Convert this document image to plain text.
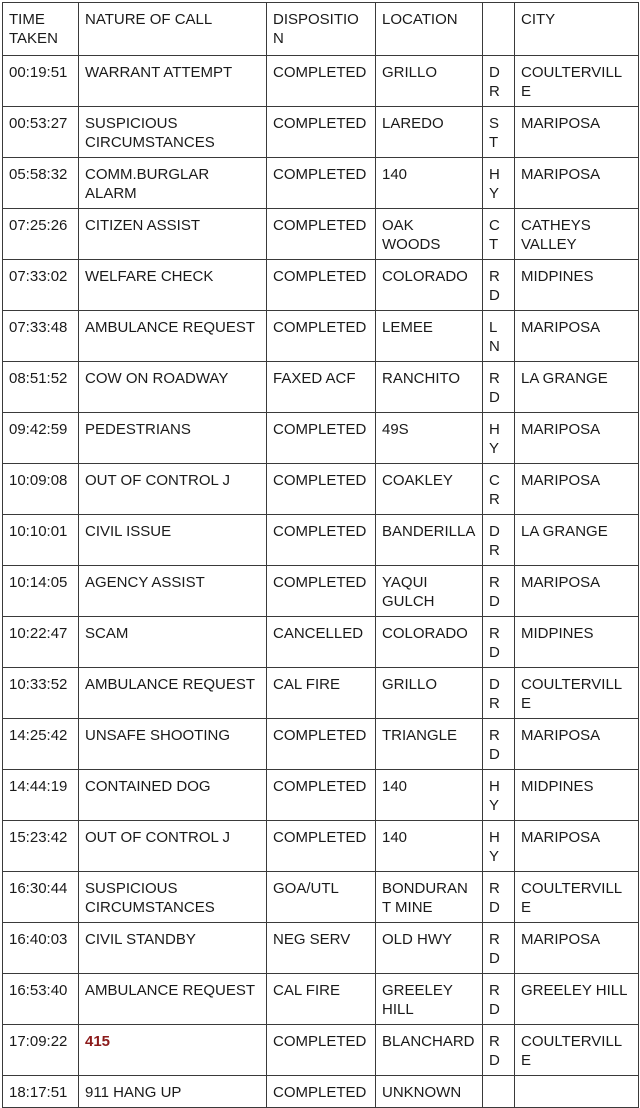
TIME TAKEN	NATURE OF CALL	DISPOSITION	LOCATION		CITY
00:19:51	WARRANT ATTEMPT	COMPLETED	GRILLO	DR	COULTERVILLE
00:53:27	SUSPICIOUS CIRCUMSTANCES	COMPLETED	LAREDO	ST	MARIPOSA
05:58:32	COMM.BURGLAR ALARM	COMPLETED	140	HY	MARIPOSA
07:25:26	CITIZEN ASSIST	COMPLETED	OAK WOODS	CT	CATHEYS VALLEY
07:33:02	WELFARE CHECK	COMPLETED	COLORADO	RD	MIDPINES
07:33:48	AMBULANCE REQUEST	COMPLETED	LEMEE	LN	MARIPOSA
08:51:52	COW ON ROADWAY	FAXED ACF	RANCHITO	RD	LA GRANGE
09:42:59	PEDESTRIANS	COMPLETED	49S	HY	MARIPOSA
10:09:08	OUT OF CONTROL J	COMPLETED	COAKLEY	CR	MARIPOSA
10:10:01	CIVIL ISSUE	COMPLETED	BANDERILLA	DR	LA GRANGE
10:14:05	AGENCY ASSIST	COMPLETED	YAQUI GULCH	RD	MARIPOSA
10:22:47	SCAM	CANCELLED	COLORADO	RD	MIDPINES
10:33:52	AMBULANCE REQUEST	CAL FIRE	GRILLO	DR	COULTERVILLE
14:25:42	UNSAFE SHOOTING	COMPLETED	TRIANGLE	RD	MARIPOSA
14:44:19	CONTAINED DOG	COMPLETED	140	HY	MIDPINES
15:23:42	OUT OF CONTROL J	COMPLETED	140	HY	MARIPOSA
16:30:44	SUSPICIOUS CIRCUMSTANCES	GOA/UTL	BONDURANT MINE	RD	COULTERVILLE
16:40:03	CIVIL STANDBY	NEG SERV	OLD HWY	RD	MARIPOSA
16:53:40	AMBULANCE REQUEST	CAL FIRE	GREELEY HILL	RD	GREELEY HILL
17:09:22	415	COMPLETED	BLANCHARD	RD	COULTERVILLE
18:17:51	911 HANG UP	COMPLETED	UNKNOWN		
